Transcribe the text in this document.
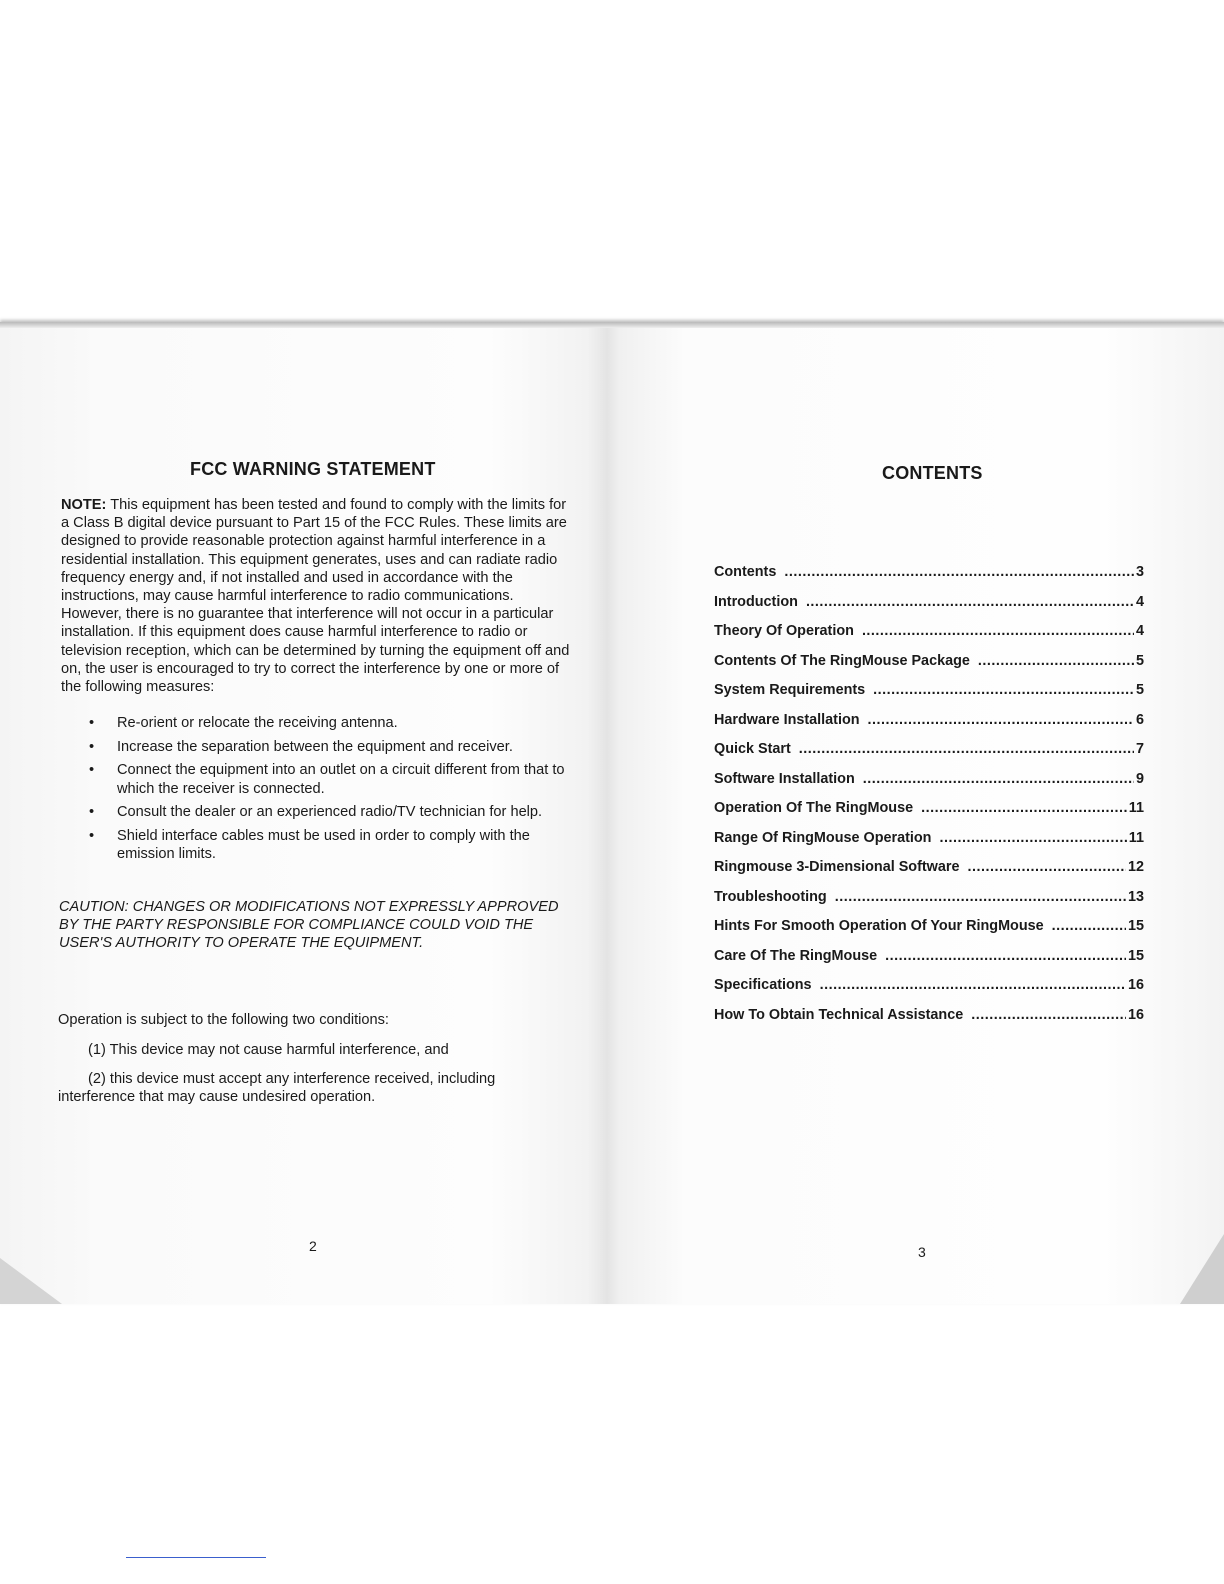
FCC WARNING STATEMENT
NOTE: This equipment has been tested and found to comply with the limits for a Class B digital device pursuant to Part 15 of the FCC Rules. These limits are designed to provide reasonable protection against harmful interference in a residential installation. This equipment generates, uses and can radiate radio frequency energy and, if not installed and used in accordance with the instructions, may cause harmful interference to radio communications. However, there is no guarantee that interference will not occur in a particular installation. If this equipment does cause harmful interference to radio or television reception, which can be determined by turning the equipment off and on, the user is encouraged to try to correct the interference by one or more of the following measures:
• Re-orient or relocate the receiving antenna.
• Increase the separation between the equipment and receiver.
• Connect the equipment into an outlet on a circuit different from that to which the receiver is connected.
• Consult the dealer or an experienced radio/TV technician for help.
• Shield interface cables must be used in order to comply with the emission limits.
CAUTION: CHANGES OR MODIFICATIONS NOT EXPRESSLY APPROVED BY THE PARTY RESPONSIBLE FOR COMPLIANCE COULD VOID THE USER'S AUTHORITY TO OPERATE THE EQUIPMENT.
Operation is subject to the following two conditions:
(1) This device may not cause harmful interference, and
(2) this device must accept any interference received, including interference that may cause undesired operation.
2
CONTENTS
Contents .....	3
Introduction .....	4
Theory Of Operation .....	4
Contents Of The RingMouse Package .....	5
System Requirements .....	5
Hardware Installation .....	6
Quick Start .....	7
Software Installation .....	9
Operation Of The RingMouse .....	11
Range Of RingMouse Operation .....	11
Ringmouse 3-Dimensional Software .....	12
Troubleshooting .....	13
Hints For Smooth Operation Of Your RingMouse .....	15
Care Of The RingMouse .....	15
Specifications .....	16
How To Obtain Technical Assistance .....	16
3
